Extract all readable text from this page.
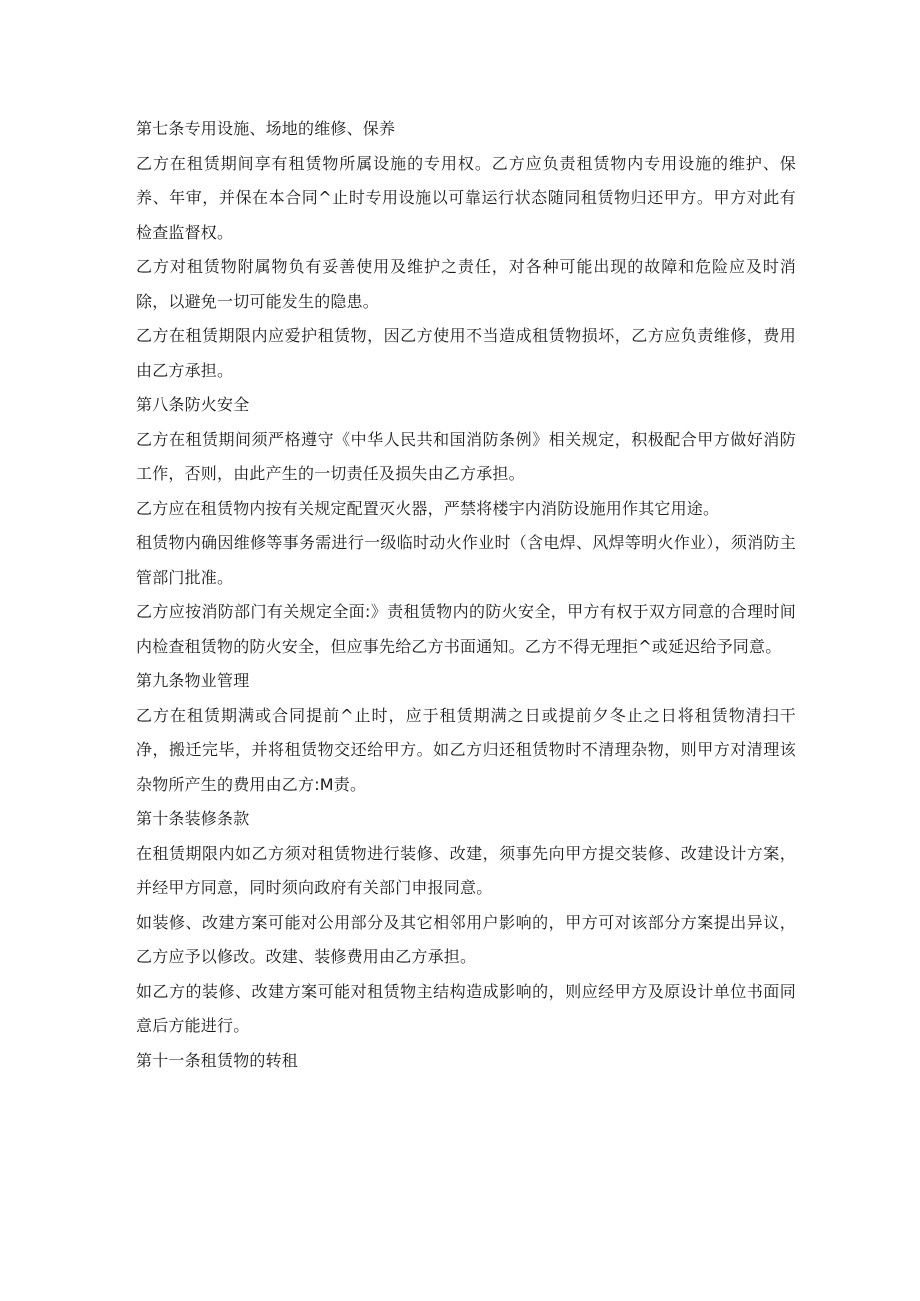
第七条专用设施、场地的维修、保养

乙方在租赁期间享有租赁物所属设施的专用权。乙方应负责租赁物内专用设施的维护、保养、年审，并保在本合同^止时专用设施以可靠运行状态随同租赁物归还甲方。甲方对此有检查监督权。

乙方对租赁物附属物负有妥善使用及维护之责任，对各种可能出现的故障和危险应及时消除，以避免一切可能发生的隐患。

乙方在租赁期限内应爱护租赁物，因乙方使用不当造成租赁物损坏，乙方应负责维修，费用由乙方承担。

第八条防火安全

乙方在租赁期间须严格遵守《中华人民共和国消防条例》相关规定，积极配合甲方做好消防工作，否则，由此产生的一切责任及损失由乙方承担。

乙方应在租赁物内按有关规定配置灭火器，严禁将楼宇内消防设施用作其它用途。

租赁物内确因维修等事务需进行一级临时动火作业时（含电焊、风焊等明火作业），须消防主管部门批准。

乙方应按消防部门有关规定全面:》责租赁物内的防火安全，甲方有权于双方同意的合理时间内检查租赁物的防火安全，但应事先给乙方书面通知。乙方不得无理拒^或延迟给予同意。

第九条物业管理

乙方在租赁期满或合同提前^止时，应于租赁期满之日或提前夕冬止之日将租赁物清扫干净，搬迁完毕，并将租赁物交还给甲方。如乙方归还租赁物时不清理杂物，则甲方对清理该杂物所产生的费用由乙方:M责。

第十条装修条款

在租赁期限内如乙方须对租赁物进行装修、改建，须事先向甲方提交装修、改建设计方案，并经甲方同意，同时须向政府有关部门申报同意。

如装修、改建方案可能对公用部分及其它相邻用户影响的，甲方可对该部分方案提出异议，乙方应予以修改。改建、装修费用由乙方承担。

如乙方的装修、改建方案可能对租赁物主结构造成影响的，则应经甲方及原设计单位书面同意后方能进行。

第十一条租赁物的转租
